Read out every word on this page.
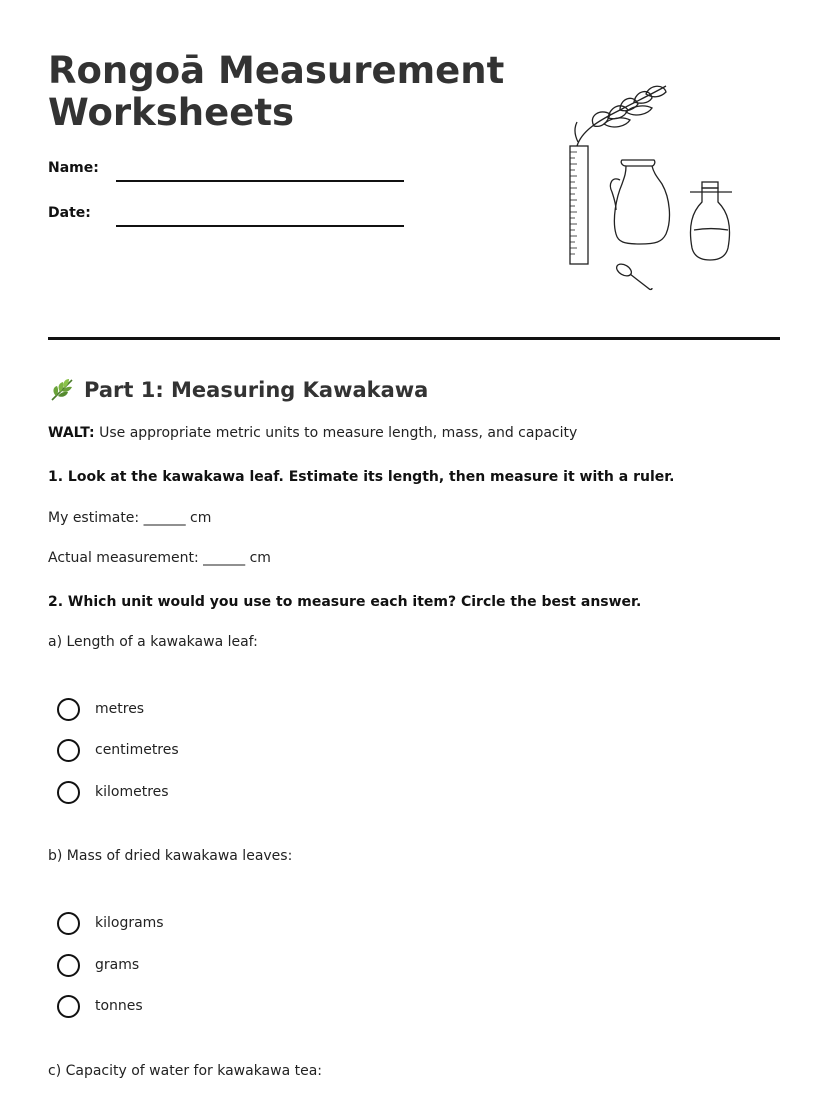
Rongoā Measurement
Worksheets
Name:
Date:
Part 1: Measuring Kawakawa
WALT: Use appropriate metric units to measure length, mass, and capacity
1. Look at the kawakawa leaf. Estimate its length, then measure it with a ruler.
My estimate: ______ cm
Actual measurement: ______ cm
2. Which unit would you use to measure each item? Circle the best answer.
a) Length of a kawakawa leaf:
metres
centimetres
kilometres
b) Mass of dried kawakawa leaves:
kilograms
grams
tonnes
c) Capacity of water for kawakawa tea:
